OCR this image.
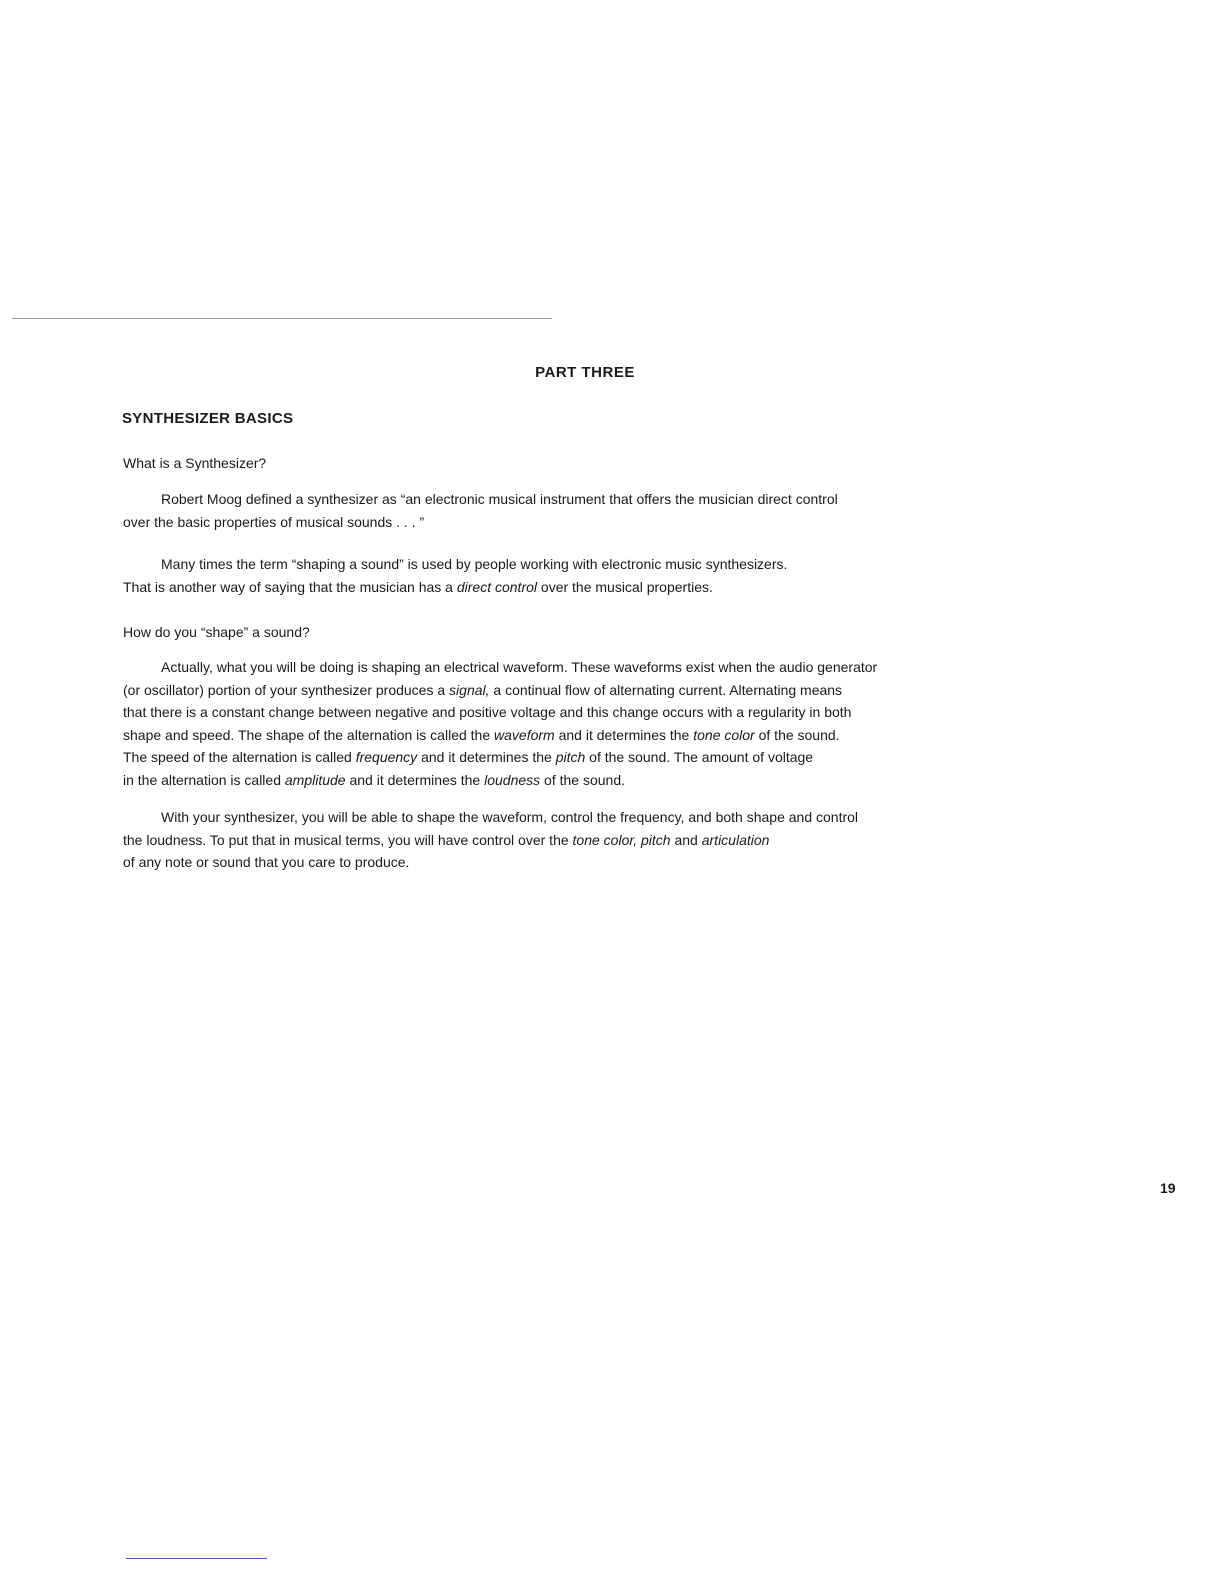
PART THREE
SYNTHESIZER BASICS
What is a Synthesizer?
Robert Moog defined a synthesizer as “an electronic musical instrument that offers the musician direct control
over the basic properties of musical sounds . . . ”
Many times the term “shaping a sound” is used by people working with electronic music synthesizers.
That is another way of saying that the musician has a direct control over the musical properties.
How do you “shape” a sound?
Actually, what you will be doing is shaping an electrical waveform. These waveforms exist when the audio generator
(or oscillator) portion of your synthesizer produces a signal, a continual flow of alternating current. Alternating means
that there is a constant change between negative and positive voltage and this change occurs with a regularity in both
shape and speed. The shape of the alternation is called the waveform and it determines the tone color of the sound.
The speed of the alternation is called frequency and it determines the pitch of the sound. The amount of voltage
in the alternation is called amplitude and it determines the loudness of the sound.
With your synthesizer, you will be able to shape the waveform, control the frequency, and both shape and control
the loudness. To put that in musical terms, you will have control over the tone color, pitch and articulation
of any note or sound that you care to produce.
19
